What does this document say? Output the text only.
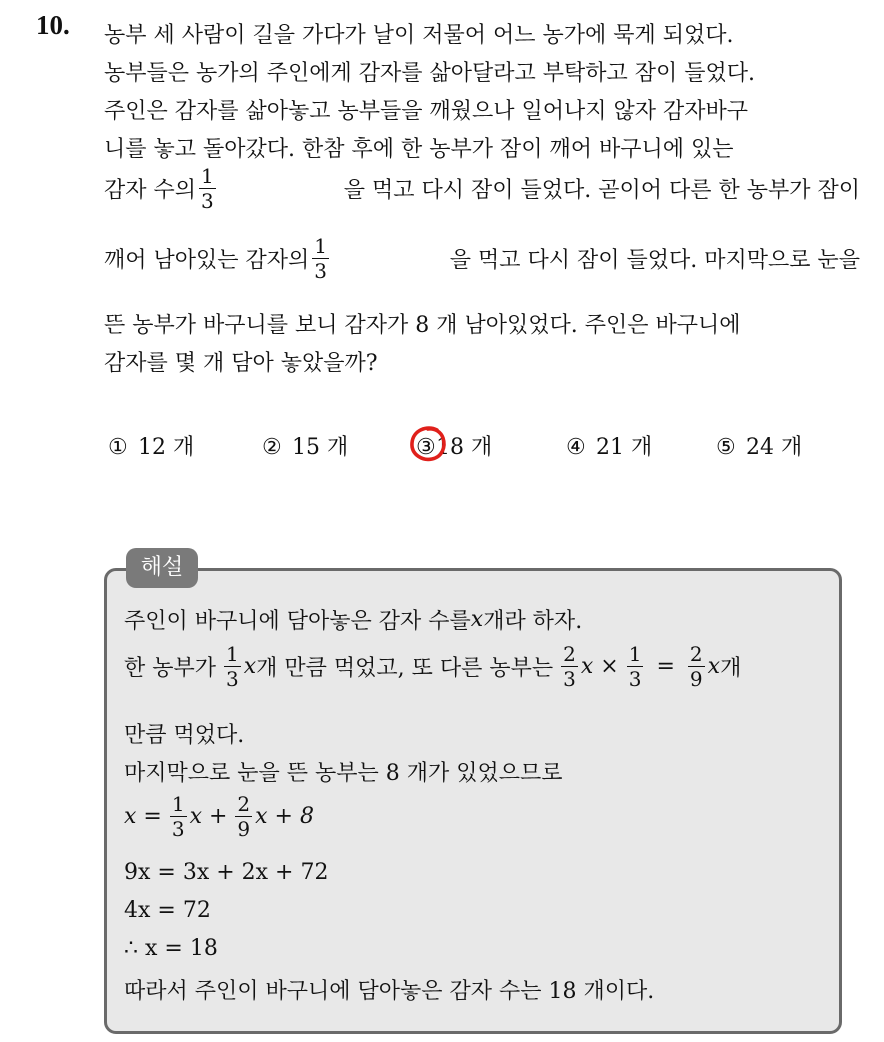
10. 농부 세 사람이 길을 가다가 날이 저물어 어느 농가에 묵게 되었다.
농부들은 농가의 주인에게 감자를 삶아달라고 부탁하고 잠이 들었다.
주인은 감자를 삶아놓고 농부들을 깨웠으나 일어나지 않자 감자바구
니를 놓고 돌아갔다. 한참 후에 한 농부가 잠이 깨어 바구니에 있는
감자 수의 $\frac{1}{3}$	을 먹고 다시 잠이 들었다. 곧이어 다른 한 농부가 잠이
깨어 남아있는 감자의 $\frac{1}{3}$	을 먹고 다시 잠이 들었다. 마지막으로 눈을
뜬 농부가 바구니를 보니 감자가 8 개 남아있었다. 주인은 바구니에
감자를 몇 개 담아 놓았을까?
① 12 개	② 15 개	③18 개	④ 21 개	⑤ 24 개
해설
주인이 바구니에 담아놓은 감자 수를 x 개라 하자.
한 농부가 $\frac{1}{3}$ x 개 만큼 먹었고, 또 다른 농부는 $\frac{2}{3}$ $x \times \frac{1}{3} = \frac{2}{9}$ x 개
만큼 먹었다.
마지막으로 눈을 뜬 농부는 8 개가 있었으므로
$x = \frac{1}{3}$ $x + \frac{2}{9}$ x + 8
9x = 3x + 2x + 72
4x = 72
∴ x = 18
따라서 주인이 바구니에 담아놓은 감자 수는 18 개이다.
